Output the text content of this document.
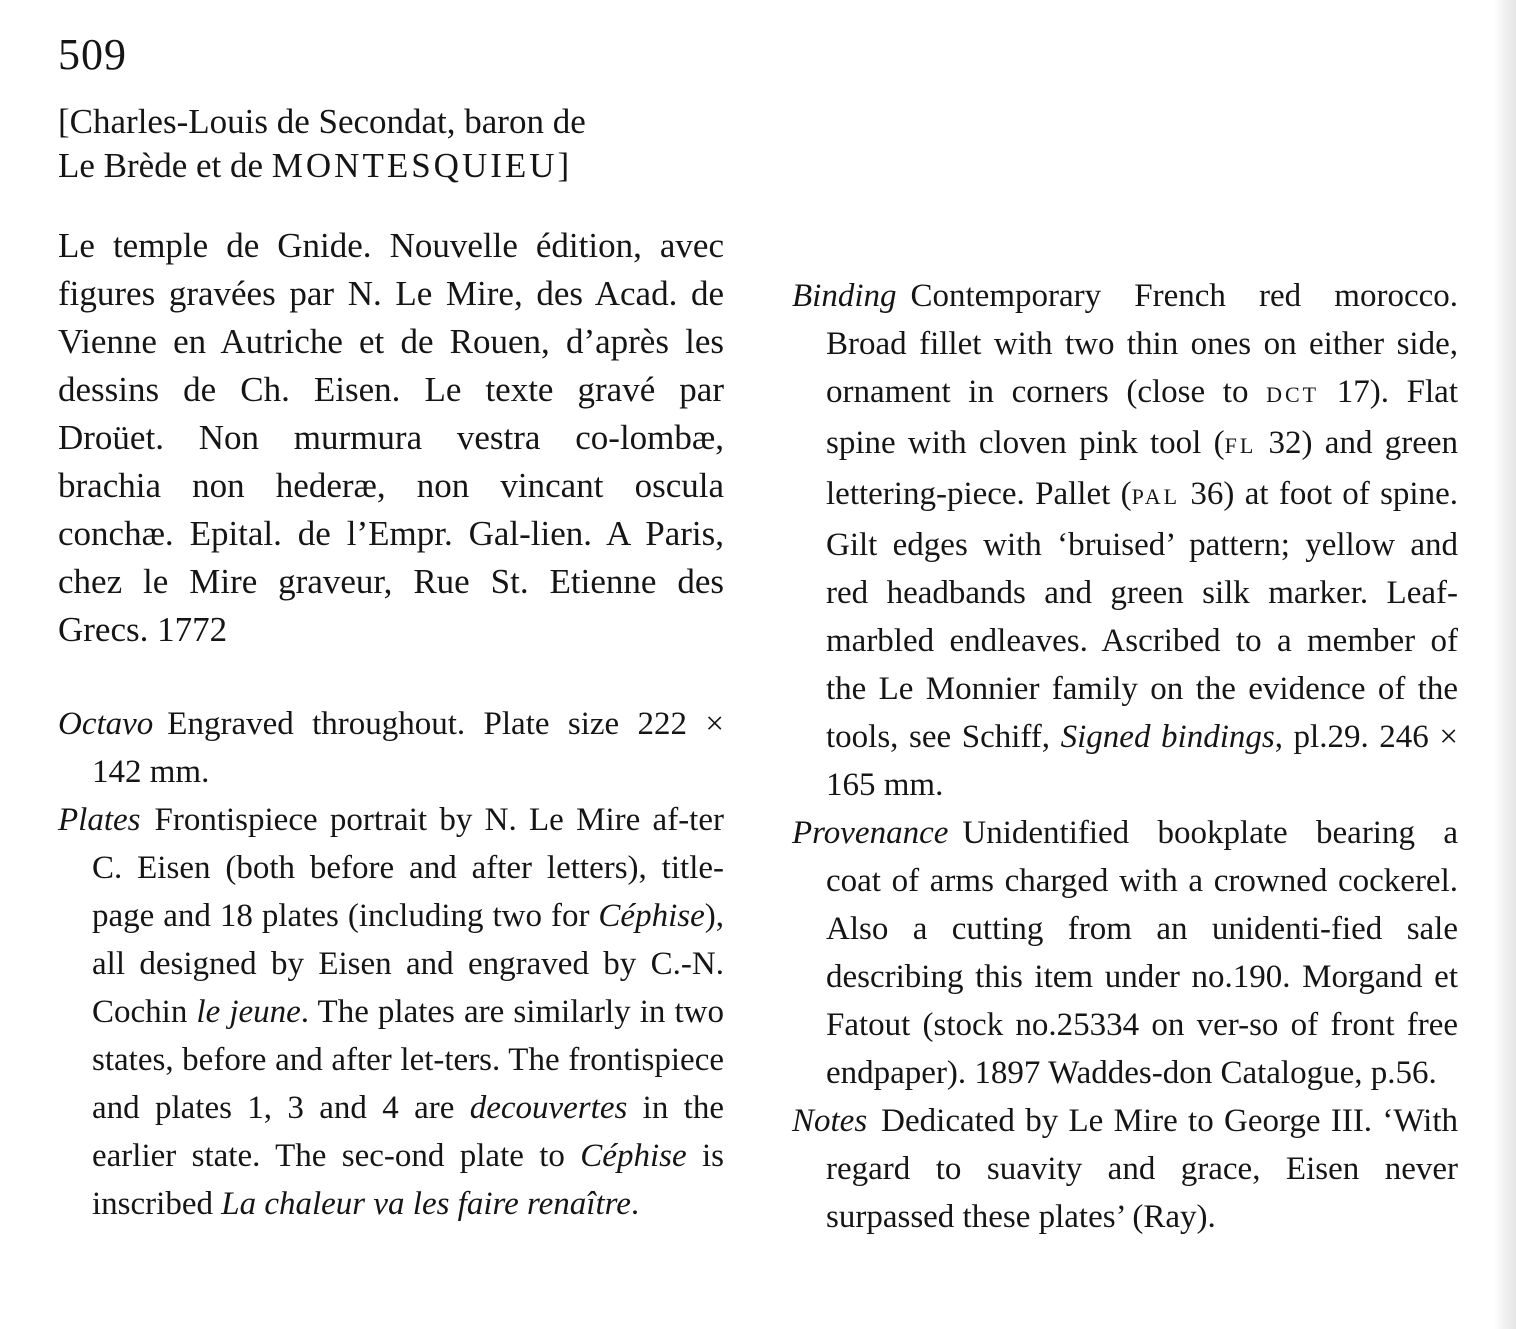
509
[Charles-Louis de Secondat, baron de
Le Brède et de MONTESQUIEU]
Le temple de Gnide. Nouvelle édition, avec figures gravées par N. Le Mire, des Acad. de Vienne en Autriche et de Rouen, d’après les dessins de Ch. Eisen. Le texte gravé par Droüet. Non murmura vestra co-lombæ, brachia non hederæ, non vincant oscula conchæ. Epital. de l’Empr. Gal-lien. A Paris, chez le Mire graveur, Rue St. Etienne des Grecs. 1772

Octavo Engraved throughout. Plate size 222 × 142 mm.

Plates Frontispiece portrait by N. Le Mire af-ter C. Eisen (both before and after letters), title-page and 18 plates (including two for Céphise), all designed by Eisen and engraved by C.-N. Cochin le jeune. The plates are similarly in two states, before and after let-ters. The frontispiece and plates 1, 3 and 4 are decouvertes in the earlier state. The sec-ond plate to Céphise is inscribed La chaleur va les faire renaître.

Binding Contemporary French red morocco. Broad fillet with two thin ones on either side, ornament in corners (close to DCT 17). Flat spine with cloven pink tool (FL 32) and green lettering-piece. Pallet (PAL 36) at foot of spine. Gilt edges with ‘bruised’ pattern; yellow and red headbands and green silk marker. Leaf-marbled endleaves. Ascribed to a member of the Le Monnier family on the evidence of the tools, see Schiff, Signed bindings, pl.29. 246 × 165 mm.

Provenance Unidentified bookplate bearing a coat of arms charged with a crowned cockerel. Also a cutting from an unidenti-fied sale describing this item under no.190. Morgand et Fatout (stock no.25334 on ver-so of front free endpaper). 1897 Waddes-don Catalogue, p.56.

Notes Dedicated by Le Mire to George III. ‘With regard to suavity and grace, Eisen never surpassed these plates’ (Ray).
